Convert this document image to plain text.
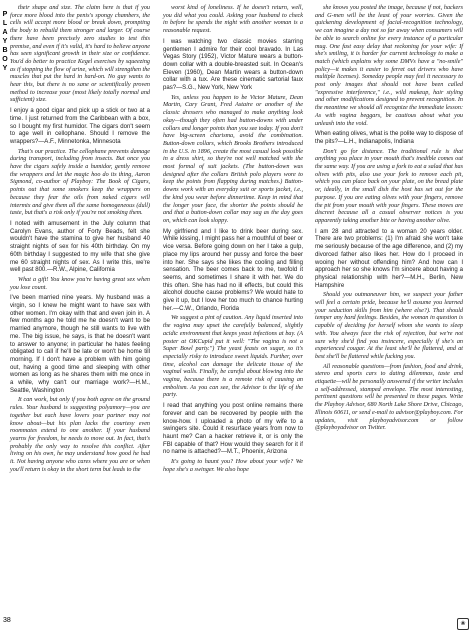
P
L
A
Y
B
O
Y

their shape and size. The claim here is that if you force more blood into the penis's spongy chambers, the cells will accept more blood or break down, prompting the body to rebuild them stronger and larger. Of course there have been precisely zero studies to test this premise, and even if it's valid, it's hard to believe anyone has seen significant growth in their size or confidence. You'd do better to practice Kegel exercises by squeezing as if stopping the flow of urine, which will strengthen the muscles that put the hard in hard-on. No guy wants to hear this, but there is no sane or scientifically proven method to increase your (most likely totally normal and sufficient) size.

I enjoy a good cigar and pick up a stick or two at a time. I just returned from the Caribbean with a box, so I bought my first humidor. The cigars don't seem to age well in cellophane. Should I remove the wrappers?—A.F., Minnetonka, Minnesota

That's our practice. The cellophane prevents damage during transport, including from insects. But once you have the cigars safely inside a humidor, gently remove the wrappers and let the magic hoo do its thing, Aaron Sigmond, co-author of Playboy: The Book of Cigars, points out that some smokers keep the wrappers on because they fear the oils from naked cigars will intermix and give them all the same homogeneous (dull) taste, but that's a risk only if you're not smoking them.

I noted with amusement in the July column that Carolyn Evans, author of Forty Beads, felt she wouldn't have the stamina to give her husband 40 straight nights of sex for his 40th birthday. On my 60th birthday I suggested to my wife that she give me 60 straight nights of sex. As I write this, we're well past 800.—R.W., Alpine, California

What a gift! You know you're having great sex when you lose count.

I've been married nine years. My husband was a virgin, so I knew he might want to have sex with other women. I'm okay with that and even join in. A few months ago he told me he doesn't want to be married anymore, though he still wants to live with me. The big issue, he says, is that he doesn't want to answer to anyone; in particular he hates feeling obligated to call if he'll be late or won't be home till morning. If I don't have a problem with him going out, having a good time and sleeping with other women as long as he shares them with me once in a while, why can't our marriage work?—H.M., Seattle, Washington

It can work, but only if you both agree on the ground rules. Your husband is suggesting polyamory—you are together but each have lovers your partner may not know about—but his plan lacks the courtesy even roommates extend to one another. If your husband yearns for freedom, he needs to move out. In fact, that's probably the only way to resolve this conflict. After living on his own, he may understand how good he had it. Not having anyone who cares where you are or when you'll return is okay in the short term but leads to the

worst kind of loneliness. If he doesn't return, well, you did what you could. Asking your husband to check in before he spends the night with another woman is a reasonable request.

I was watching two classic movies starring gentlemen I admire for their cool bravado. In Las Vegas Story (1952), Victor Mature wears a button-down collar with a double-breasted suit. In Ocean's Eleven (1960), Dean Martin wears a button-down collar with a tux. Are these cinematic sartorial faux pas?—S.G., New York, New York

Yes, unless you happen to be Victor Mature, Dean Martin, Cary Grant, Fred Astaire or another of the classic dressers who managed to make anything look okay—though they often had button-downs with under collars and longer points than you see today. If you don't have big-screen charisma, avoid the combination. Button-down collars, which Brooks Brothers introduced in the U.S. in 1896, create the most casual look possible in a dress shirt, so they're not well matched with the most formal of suit jackets. (The button-down was designed after the collars British polo players wore to keep the points from flapping during matches.) Button-downs work with an everyday suit or sports jacket, i.e., the kind you wear before dinnertime. Keep in mind that the longer your face, the shorter the points should be and that a button-down collar may sag as the day goes on, which can look sloppy.

My girlfriend and I like to drink beer during sex. While kissing, I might pass her a mouthful of beer or vice versa. Before going down on her I take a gulp, place my lips around her pussy and force the beer into her. She says she likes the cooling and filling sensation. The beer comes back to me, twofold it seems, and sometimes I share it with her. We do this often. She has had no ill effects, but could this alcohol douche cause problems? We would hate to give it up, but I love her too much to chance hurting her.—C.W., Orlando, Florida

We suggest a pint of caution. Any liquid inserted into the vagina may upset the carefully balanced, slightly acidic environment that keeps yeast infections at bay. (A poster at OKCupid put it well: "The vagina is not a Super Bowl party.") The yeast feasts on sugar, so it's especially risky to introduce sweet liquids. Further, over time, alcohol can damage the delicate tissue of the vaginal walls. Finally, be careful about blowing into the vagina, because there is a remote risk of causing an embolism. As you can see, the Advisor is the life of the party.

I read that anything you post online remains there forever and can be recovered by people with the know-how. I uploaded a photo of my wife to a swingers site. Could it resurface years from now to haunt me? Can a hacker retrieve it, or is only the FBI capable of that? How would they search for it if no name is attached?—M.T., Phoenix, Arizona

It's going to haunt you? How about your wife? We hope she's a swinger. We also hope

she knows you posted the image, because if not, hackers and G-men will be the least of your worries. Given the quickening development of facial-recognition technology, we can imagine a day not so far away when consumers will be able to search online for every instance of a particular mug. One fast easy delay that reckoning for your wife: If she's smiling, it is harder for current technology to make a match (which explains why some DMVs have a "no-smile" policy—it makes it easier to ferret out drivers who have multiple licenses). Someday people may feel it necessary to post only images that should not have been called "expressive interference," i.e., wild makeup, hair styling and other modifications designed to prevent recognition. In the meantime we should all recognize the immediate lesson: As with vagina beggars, be cautious about what you unleash into the void.

When eating olives, what is the polite way to dispose of the pits?—L.H., Indianapolis, Indiana

Don't go for distance. The traditional rule is that anything you place in your mouth that's inedible comes out the same way. If you are using a fork to eat a salad that has olives with pits, also use your fork to remove each pit, which you can place back on your plate, on the bread plate or, ideally, in the small dish the host has set out for the purpose. If you are eating olives with your fingers, remove the pit from your mouth with your fingers. These moves are discreet because all a casual observer notices is you apparently taking another bite or having another olive.

I am 28 and attracted to a woman 20 years older. There are two problems: (1) I'm afraid she won't take me seriously because of the age difference, and (2) my divorced father also likes her. How do I proceed in wooing her without offending him? And how can I approach her so she knows I'm sincere about having a physical relationship with her?—M.H., Berlin, New Hampshire

Should you outmaneuver him, we suspect your father will feel a certain pride, because he'll assume you learned your seduction skills from him (where else?). That should temper any hard feelings. Besides, the woman in question is capable of deciding for herself whom she wants to sleep with. You always face the risk of rejection, but we're not sure why she'd find you insincere, especially if she's an experienced cougar. At the least she'll be flattered, and at best she'll be flattered while fucking you.

All reasonable questions—from fashion, food and drink, stereo and sports cars to dating dilemmas, taste and etiquette—will be personally answered if the writer includes a self-addressed, stamped envelope. The most interesting, pertinent questions will be presented in these pages. Write the Playboy Advisor, 680 North Lake Shore Drive, Chicago, Illinois 60611, or send e-mail to advisor@playboy.com. For updates, visit playboyadvisor.com or follow @playboyadvisor on Twitter.

38	❀
